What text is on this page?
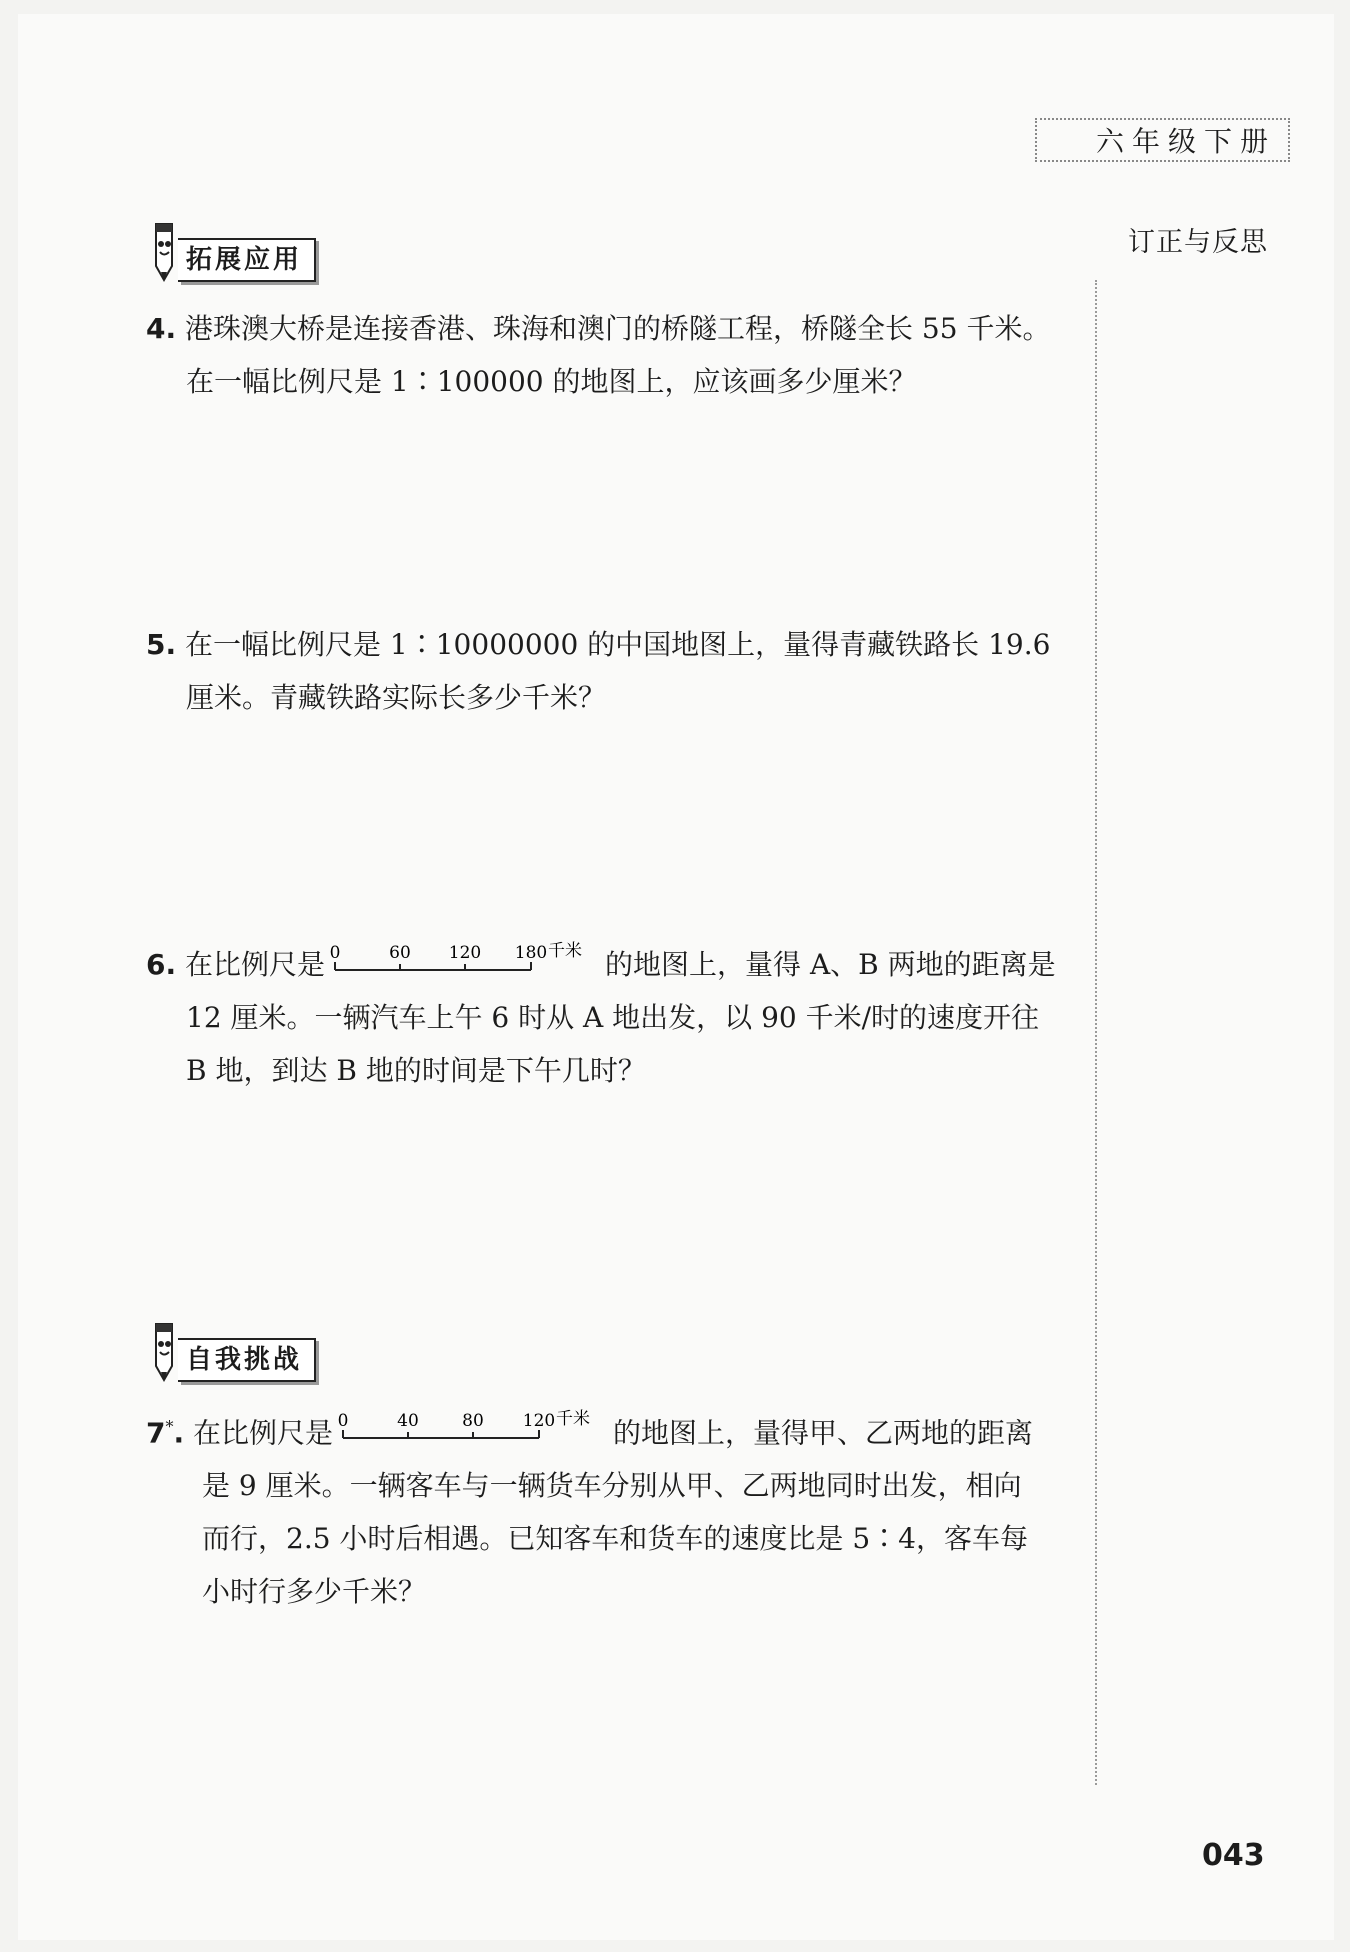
六年级下册
订正与反思
拓展应用

4. 港珠澳大桥是连接香港、珠海和澳门的桥隧工程，桥隧全长 55 千米。

在一幅比例尺是 1∶100000 的地图上，应该画多少厘米？

5. 在一幅比例尺是 1∶10000000 的中国地图上，量得青藏铁路长 19.6

厘米。青藏铁路实际长多少千米？

6. 在比例尺是 0	60 120 180 千米 的地图上，量得 A、B 两地的距离是

12 厘米。一辆汽车上午 6 时从 A 地出发，以 90 千米/时的速度开往

B 地，到达 B 地的时间是下午几时？

自我挑战

7*. 在比例尺是 0	40	80 120 千米 的地图上，量得甲、乙两地的距离

是 9 厘米。一辆客车与一辆货车分别从甲、乙两地同时出发，相向

而行，2.5 小时后相遇。已知客车和货车的速度比是 5∶4，客车每

小时行多少千米？

043
